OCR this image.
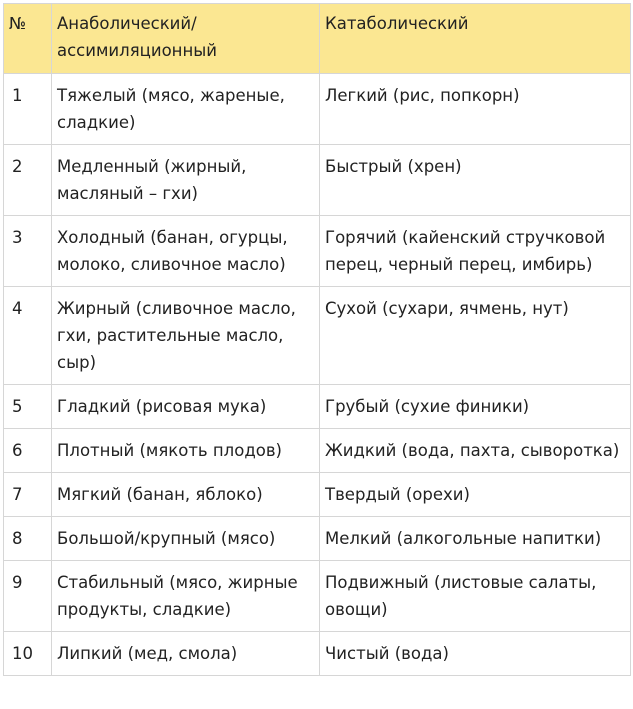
№	Анаболический/ ассимиляционный	Катаболический
1	Тяжелый (мясо, жареные, сладкие)	Легкий (рис, попкорн)
2	Медленный (жирный, масляный – гхи)	Быстрый (хрен)
3	Холодный (банан, огурцы, молоко, сливочное масло)	Горячий (кайенский стручковой перец, черный перец, имбирь)
4	Жирный (сливочное масло, гхи, растительные масло, сыр)	Сухой (сухари, ячмень, нут)
5	Гладкий (рисовая мука)	Грубый (сухие финики)
6	Плотный (мякоть плодов)	Жидкий (вода, пахта, сыворотка)
7	Мягкий (банан, яблоко)	Твердый (орехи)
8	Большой/крупный (мясо)	Мелкий (алкогольные напитки)
9	Стабильный (мясо, жирные продукты, сладкие)	Подвижный (листовые салаты, овощи)
10	Липкий (мед, смола)	Чистый (вода)
